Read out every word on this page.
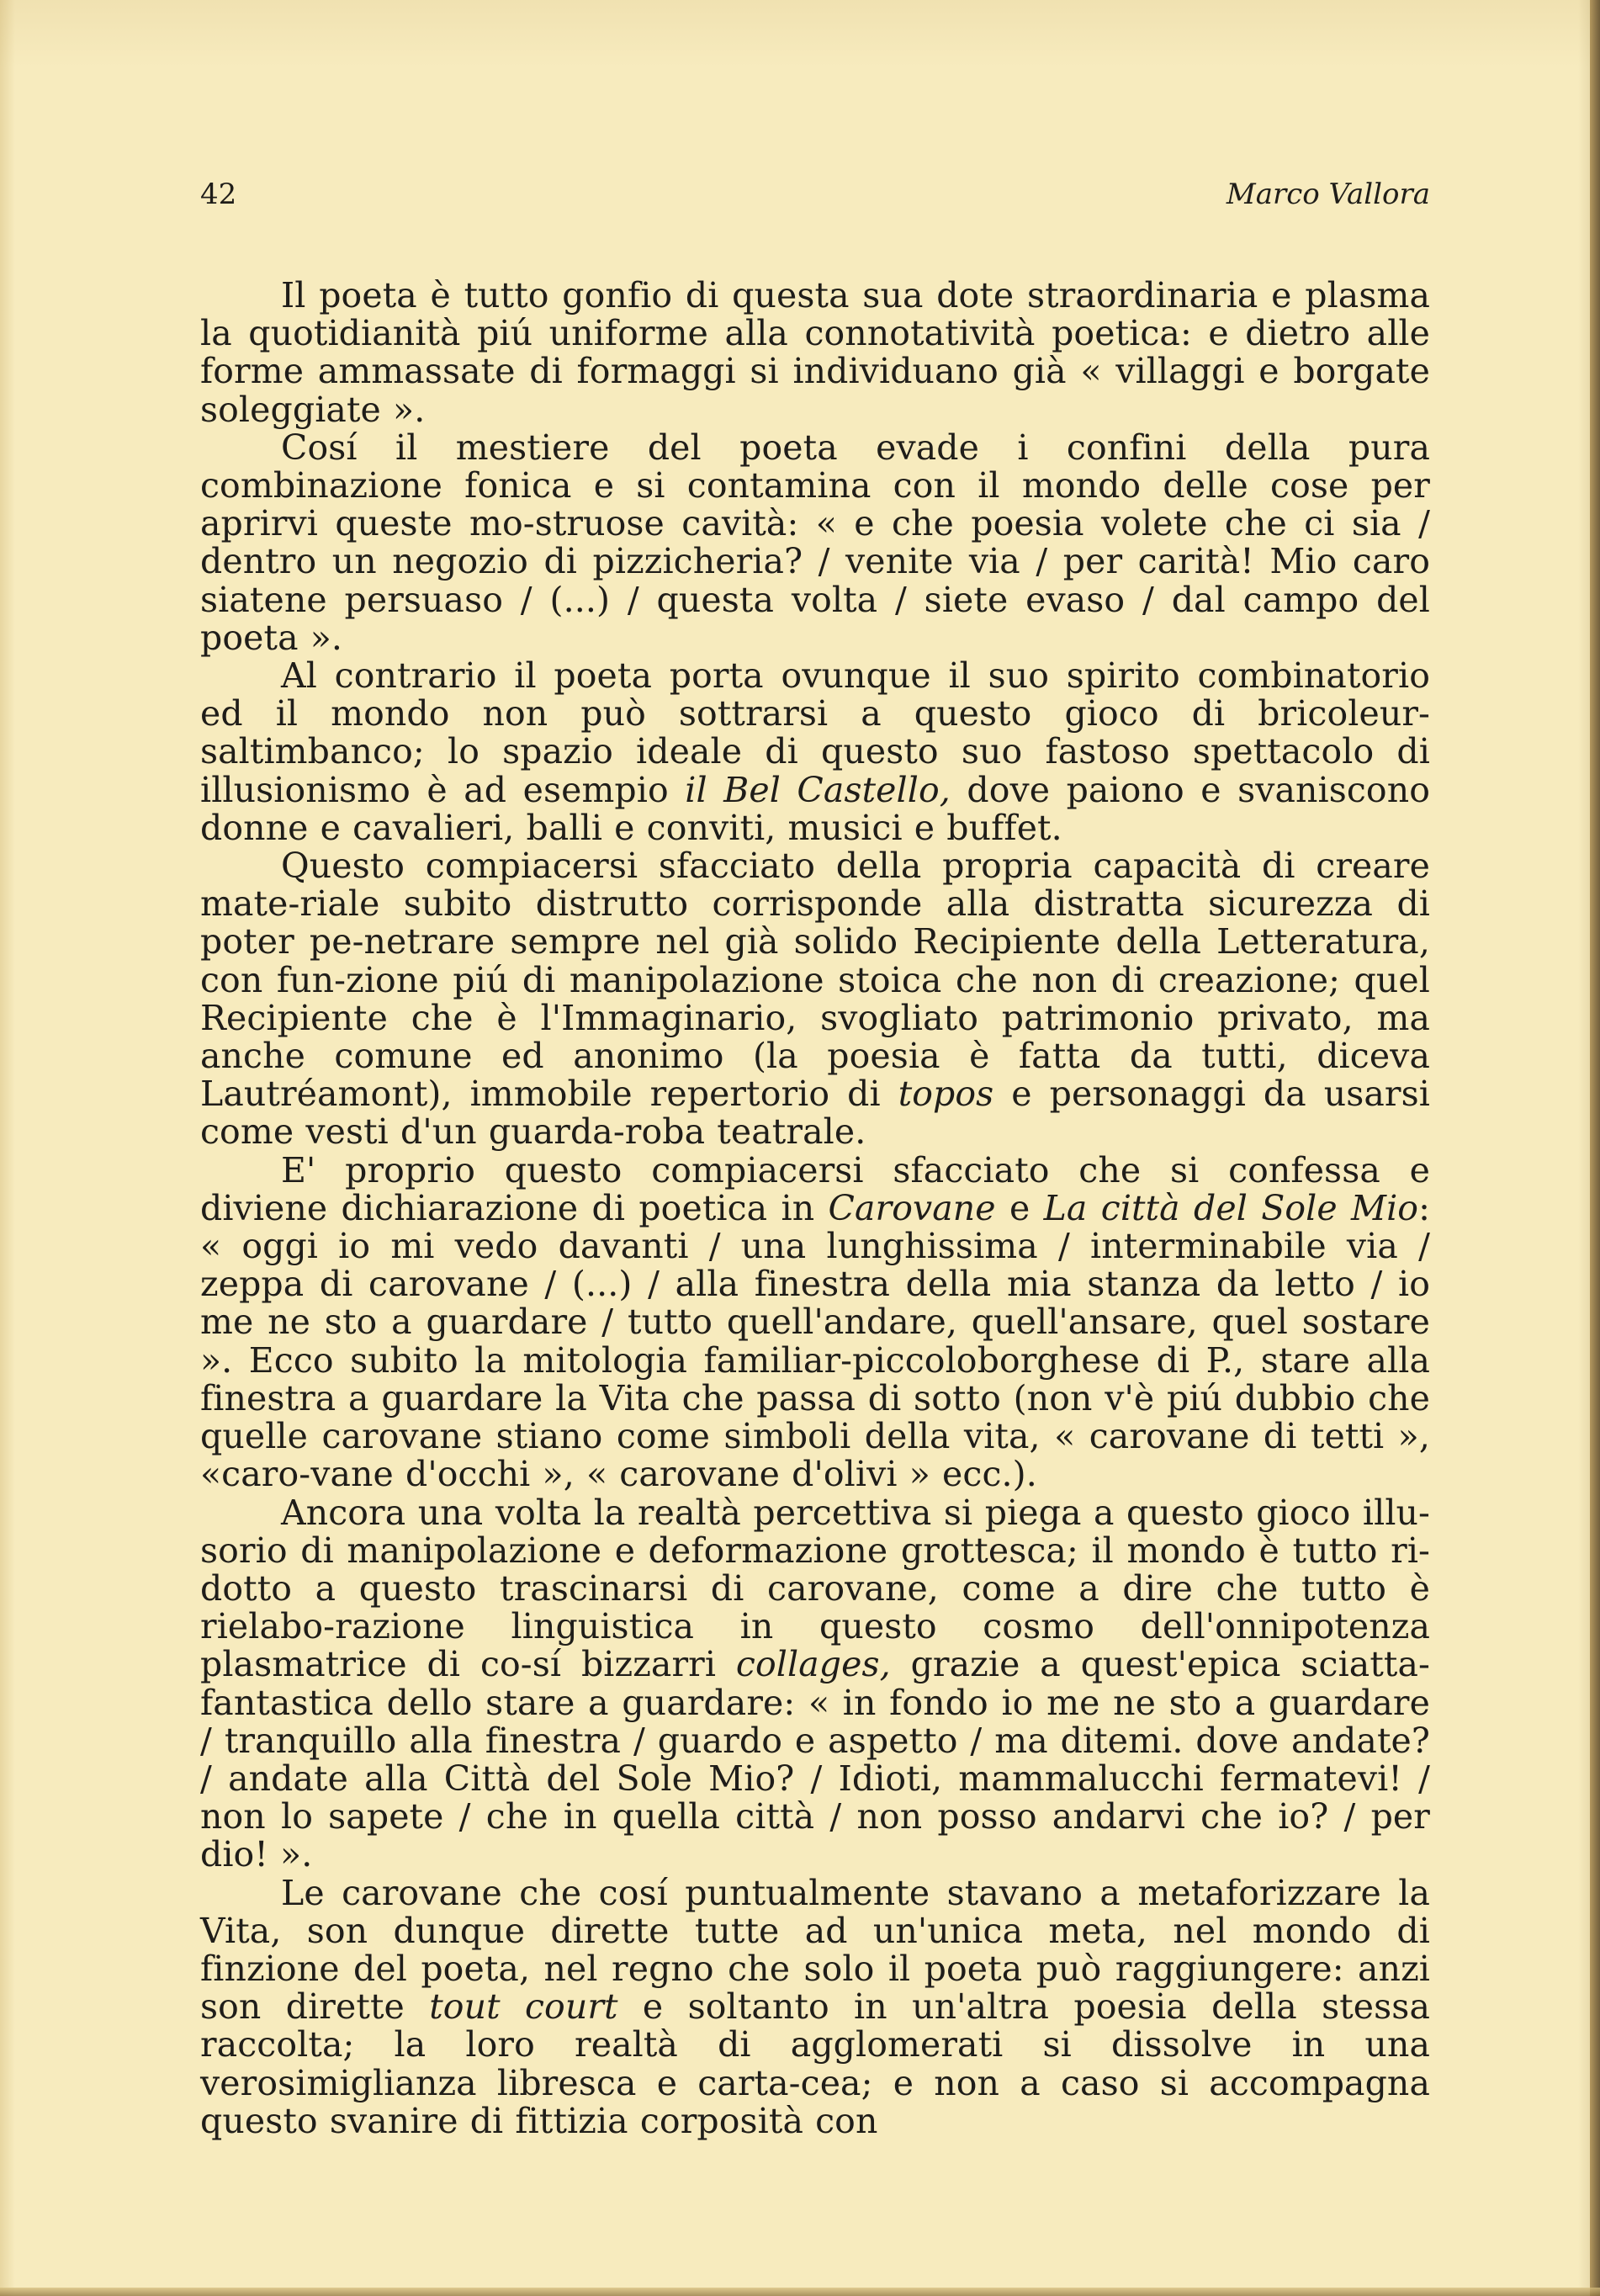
42	Marco Vallora

Il poeta è tutto gonfio di questa sua dote straordinaria e plasma la quotidianità piú uniforme alla connotatività poetica: e dietro alle forme ammassate di formaggi si individuano già « villaggi e borgate soleggiate ».

Cosí il mestiere del poeta evade i confini della pura combinazione fonica e si contamina con il mondo delle cose per aprirvi queste mo-struose cavità: « e che poesia volete che ci sia / dentro un negozio di pizzicheria? / venite via / per carità! Mio caro siatene persuaso / (...) / questa volta / siete evaso / dal campo del poeta ».

Al contrario il poeta porta ovunque il suo spirito combinatorio ed il mondo non può sottrarsi a questo gioco di bricoleur-saltimbanco; lo spazio ideale di questo suo fastoso spettacolo di illusionismo è ad esempio il Bel Castello, dove paiono e svaniscono donne e cavalieri, balli e conviti, musici e buffet.

Questo compiacersi sfacciato della propria capacità di creare mate-riale subito distrutto corrisponde alla distratta sicurezza di poter pe-netrare sempre nel già solido Recipiente della Letteratura, con fun-zione piú di manipolazione stoica che non di creazione; quel Recipiente che è l'Immaginario, svogliato patrimonio privato, ma anche comune ed anonimo (la poesia è fatta da tutti, diceva Lautréamont), immobile repertorio di topos e personaggi da usarsi come vesti d'un guarda-roba teatrale.

E' proprio questo compiacersi sfacciato che si confessa e diviene dichiarazione di poetica in Carovane e La città del Sole Mio: « oggi io mi vedo davanti / una lunghissima / interminabile via / zeppa di carovane / (...) / alla finestra della mia stanza da letto / io me ne sto a guardare / tutto quell'andare, quell'ansare, quel sostare ». Ecco subito la mitologia familiar-piccoloborghese di P., stare alla finestra a guardare la Vita che passa di sotto (non v'è piú dubbio che quelle carovane stiano come simboli della vita, « carovane di tetti », «caro-vane d'occhi », « carovane d'olivi » ecc.).

Ancora una volta la realtà percettiva si piega a questo gioco illu-sorio di manipolazione e deformazione grottesca; il mondo è tutto ri-dotto a questo trascinarsi di carovane, come a dire che tutto è rielabo-razione linguistica in questo cosmo dell'onnipotenza plasmatrice di co-sí bizzarri collages, grazie a quest'epica sciatta-fantastica dello stare a guardare: « in fondo io me ne sto a guardare / tranquillo alla finestra / guardo e aspetto / ma ditemi. dove andate? / andate alla Città del Sole Mio? / Idioti, mammalucchi fermatevi! / non lo sapete / che in quella città / non posso andarvi che io? / per dio! ».

Le carovane che cosí puntualmente stavano a metaforizzare la Vita, son dunque dirette tutte ad un'unica meta, nel mondo di finzione del poeta, nel regno che solo il poeta può raggiungere: anzi son dirette tout court e soltanto in un'altra poesia della stessa raccolta; la loro realtà di agglomerati si dissolve in una verosimiglianza libresca e carta-cea; e non a caso si accompagna questo svanire di fittizia corposità con
